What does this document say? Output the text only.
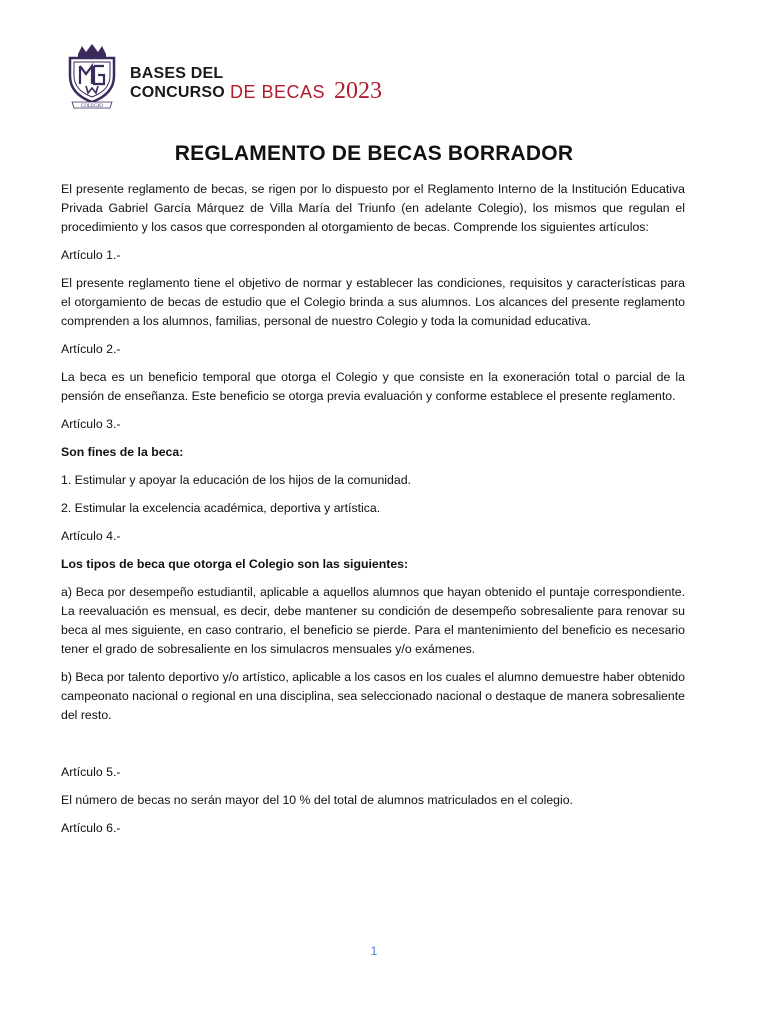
COLEGIO
BASES DEL
CONCURSO DE BECAS 2023
REGLAMENTO DE BECAS BORRADOR

El presente reglamento de becas, se rigen por lo dispuesto por el Reglamento Interno de la Institución Educativa Privada Gabriel García Márquez de Villa María del Triunfo (en adelante Colegio), los mismos que regulan el procedimiento y los casos que corresponden al otorgamiento de becas. Comprende los siguientes artículos:

Artículo 1.-

El presente reglamento tiene el objetivo de normar y establecer las condiciones, requisitos y características para el otorgamiento de becas de estudio que el Colegio brinda a sus alumnos. Los alcances del presente reglamento comprenden a los alumnos, familias, personal de nuestro Colegio y toda la comunidad educativa.

Artículo 2.-

La beca es un beneficio temporal que otorga el Colegio y que consiste en la exoneración total o parcial de la pensión de enseñanza. Este beneficio se otorga previa evaluación y conforme establece el presente reglamento.

Artículo 3.-

Son fines de la beca:

1. Estimular y apoyar la educación de los hijos de la comunidad.

2. Estimular la excelencia académica, deportiva y artística.

Artículo 4.-

Los tipos de beca que otorga el Colegio son las siguientes:

a) Beca por desempeño estudiantil, aplicable a aquellos alumnos que hayan obtenido el puntaje correspondiente. La reevaluación es mensual, es decir, debe mantener su condición de desempeño sobresaliente para renovar su beca al mes siguiente, en caso contrario, el beneficio se pierde. Para el mantenimiento del beneficio es necesario tener el grado de sobresaliente en los simulacros mensuales y/o exámenes.

b) Beca por talento deportivo y/o artístico, aplicable a los casos en los cuales el alumno demuestre haber obtenido campeonato nacional o regional en una disciplina, sea seleccionado nacional o destaque de manera sobresaliente del resto.

Artículo 5.-

El número de becas no serán mayor del 10 % del total de alumnos matriculados en el colegio.

Artículo 6.-

1
